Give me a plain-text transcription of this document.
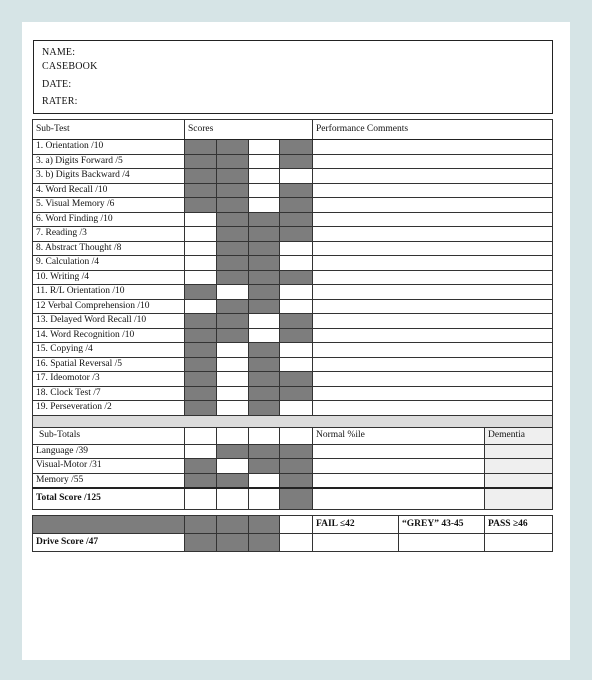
NAME:
CASEBOOK
DATE:
RATER:
Sub-Test	Scores				Performance Comments		
1. Orientation /10							
3. a) Digits Forward /5							
3. b) Digits Backward /4							
4. Word Recall /10							
5. Visual Memory /6							
6. Word Finding /10							
7. Reading /3							
8. Abstract Thought /8							
9. Calculation /4							
10. Writing /4							
11. R/L Orientation /10							
12 Verbal Comprehension /10							
13. Delayed Word Recall /10							
14. Word Recognition /10							
15. Copying /4							
16. Spatial Reversal /5							
17. Ideomotor /3							
18. Clock Test /7							
19. Perseveration /2							

Sub-Totals					Normal %ile		Dementia
Language /39							
Visual-Motor /31							
Memory /55							
Total Score /125							

					FAIL ≤42	“GREY” 43-45	PASS ≥46
Drive Score /47							
